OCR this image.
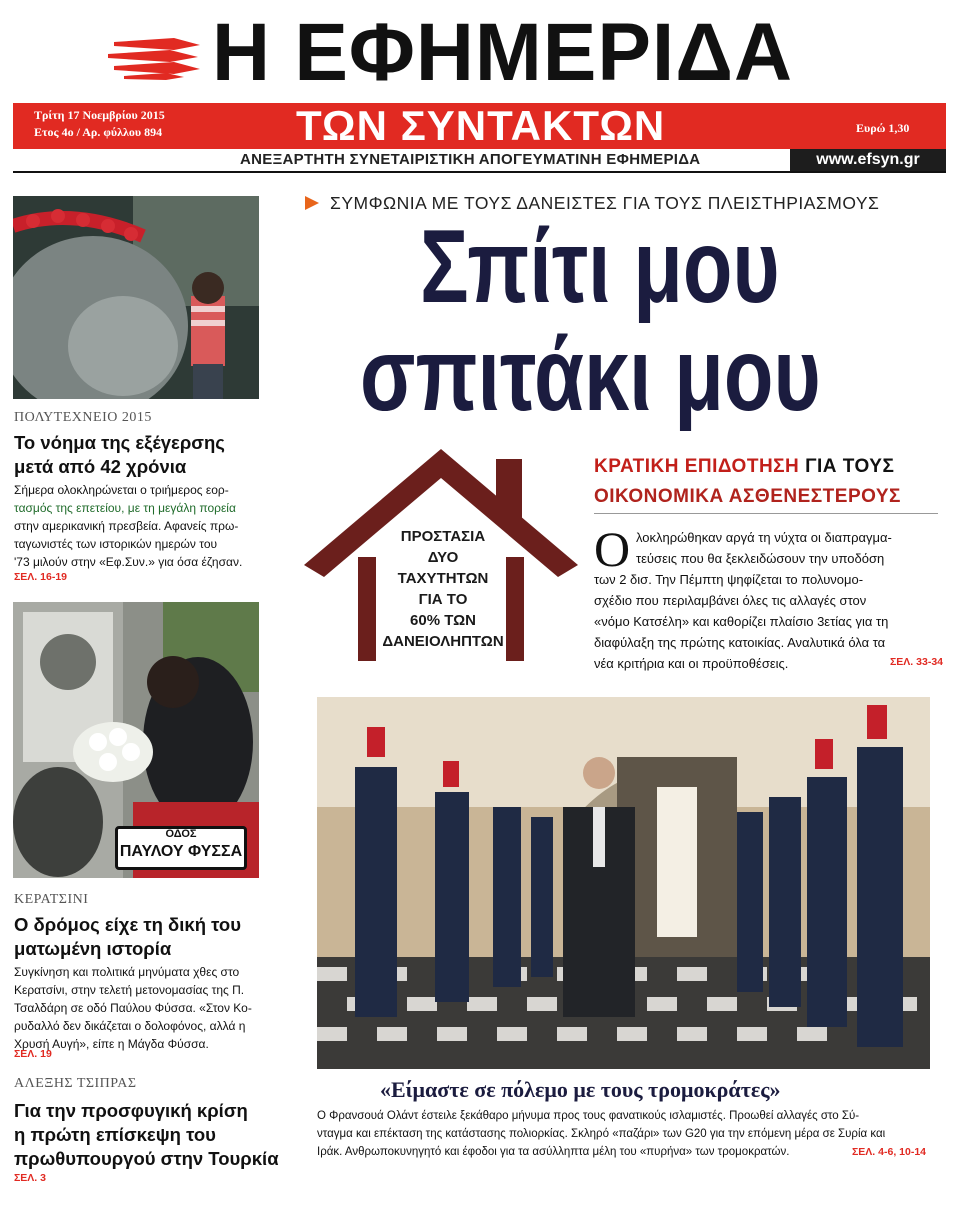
Η ΕΦΗΜΕΡΙΔΑ
Τρίτη 17 Νοεμβρίου 2015
Ετος 4ο / Αρ. φύλλου 894	ΤΩΝ ΣΥΝΤΑΚΤΩΝ	Ευρώ 1,30
ΑΝΕΞΑΡΤΗΤΗ ΣΥΝΕΤΑΙΡΙΣΤΙΚΗ ΑΠΟΓΕΥΜΑΤΙΝΗ ΕΦΗΜΕΡΙΔΑ	www.efsyn.gr
ΠΟΛΥΤΕΧΝΕΙΟ 2015
Το νόημα της εξέγερσης
μετά από 42 χρόνια
Σήμερα ολοκληρώνεται ο τριήμερος εορ-
τασμός της επετείου, με τη μεγάλη πορεία
στην αμερικανική πρεσβεία. Αφανείς πρω-
ταγωνιστές των ιστορικών ημερών του
'73 μιλούν στην «Εφ.Συν.» για όσα έζησαν.
ΣΕΛ. 16-19
ΟΔΟΣ
ΠΑΥΛΟΥ ΦΥΣΣΑ
ΚΕΡΑΤΣΙΝΙ
Ο δρόμος είχε τη δική του
ματωμένη ιστορία
Συγκίνηση και πολιτικά μηνύματα χθες στο
Κερατσίνι, στην τελετή μετονομασίας της Π.
Τσαλδάρη σε οδό Παύλου Φύσσα. «Στον Κο-
ρυδαλλό δεν δικάζεται ο δολοφόνος, αλλά η
Χρυσή Αυγή», είπε η Μάγδα Φύσσα.
ΣΕΛ. 19
ΑΛΕΞΗΣ ΤΣΙΠΡΑΣ
Για την προσφυγική κρίση
η πρώτη επίσκεψη του
πρωθυπουργού στην Τουρκία
ΣΕΛ. 3
ΣΥΜΦΩΝΙΑ ΜΕ ΤΟΥΣ ΔΑΝΕΙΣΤΕΣ ΓΙΑ ΤΟΥΣ ΠΛΕΙΣΤΗΡΙΑΣΜΟΥΣ
Σπίτι μου
σπιτάκι μου
ΠΡΟΣΤΑΣΙΑ
ΔΥΟ
ΤΑΧΥΤΗΤΩΝ
ΓΙΑ ΤΟ
60% ΤΩΝ
ΔΑΝΕΙΟΛΗΠΤΩΝ
ΚΡΑΤΙΚΗ ΕΠΙΔΟΤΗΣΗ ΓΙΑ ΤΟΥΣ
ΟΙΚΟΝΟΜΙΚΑ ΑΣΘΕΝΕΣΤΕΡΟΥΣ
Ο λοκληρώθηκαν αργά τη νύχτα οι διαπραγμα-
τεύσεις που θα ξεκλειδώσουν την υποδόση
των 2 δισ. Την Πέμπτη ψηφίζεται το πολυνομο-
σχέδιο που περιλαμβάνει όλες τις αλλαγές στον
«νόμο Κατσέλη» και καθορίζει πλαίσιο 3ετίας για τη
διαφύλαξη της πρώτης κατοικίας. Αναλυτικά όλα τα
νέα κριτήρια και οι προϋποθέσεις.	ΣΕΛ. 33-34
«Είμαστε σε πόλεμο με τους τρομοκράτες»
Ο Φρανσουά Ολάντ έστειλε ξεκάθαρο μήνυμα προς τους φανατικούς ισλαμιστές. Προωθεί αλλαγές στο Σύ-
νταγμα και επέκταση της κατάστασης πολιορκίας. Σκληρό «παζάρι» των G20 για την επόμενη μέρα σε Συρία και
Ιράκ. Ανθρωποκυνηγητό και έφοδοι για τα ασύλληπτα μέλη του «πυρήνα» των τρομοκρατών.	ΣΕΛ. 4-6, 10-14
